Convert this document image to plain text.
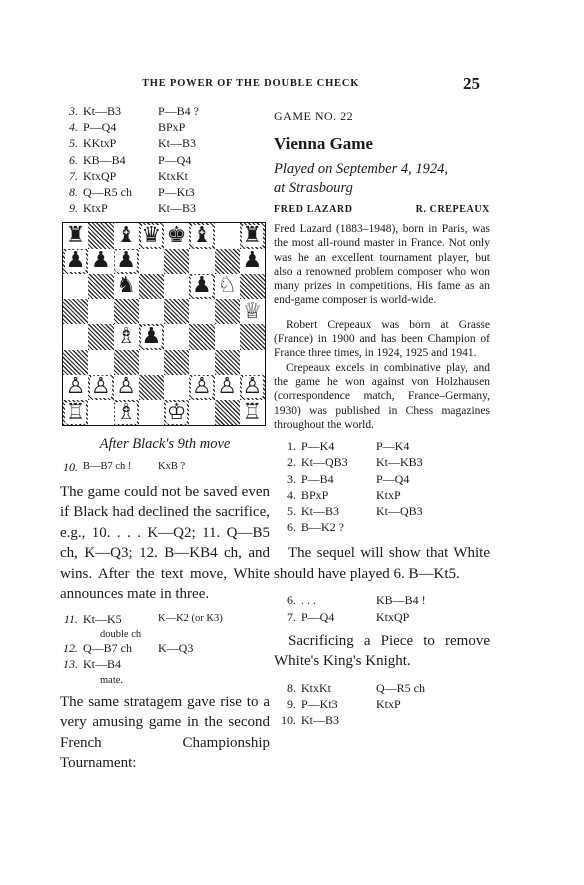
THE POWER OF THE DOUBLE CHECK	25
3. Kt—B3	P—B4 ?
4. P—Q4	BPxP
5. KKtxP	Kt—B3
6. KB—B4	P—Q4
7. KtxQP	KtxKt
8. Q—R5 ch P—Kt3
9. KtxP	Kt—B3
♜ ♝ ♛ ♚ ♝ ♜
♟ ♟ ♟	♟
♞	♟ ♘
♕
♗ ♟
♙ ♙ ♙	♙ ♙ ♙
♖ ♗ ♔	♖
After Black's 9th move
10. B—B7 ch !	KxB ?

The game could not be saved even if Black had declined the sacrifice, e.g., 10. . . . K—Q2; 11. Q—B5 ch, K—Q3; 12. B—KB4 ch, and wins. After the text move, White announces mate in three.

11. Kt—K5	K—K2 (or K3)
double ch
12. Q—B7 ch K—Q3
13. Kt—B4
mate.

The same stratagem gave rise to a very amusing game in the second French Championship Tournament:

GAME NO. 22
Vienna Game
Played on September 4, 1924,
at Strasbourg
FRED LAZARD	R. CREPEAUX

Fred Lazard (1883–1948), born in Paris, was the most all-round master in France. Not only was he an excellent tournament player, but also a renowned problem composer who won many prizes in competitions. His fame as an end-game composer is world-wide.

Robert Crepeaux was born at Grasse (France) in 1900 and has been Champion of France three times, in 1924, 1925 and 1941.

Crepeaux excels in combinative play, and the game he won against von Holzhausen (correspondence match, France–Germany, 1930) was published in Chess magazines throughout the world.

1. P—K4	P—K4
2. Kt—QB3 Kt—KB3
3. P—B4	P—Q4
4. BPxP	KtxP
5. Kt—B3	Kt—QB3
6. B—K2 ?

The sequel will show that White should have played 6. B—Kt5.

6. . . .	KB—B4 !
7. P—Q4	KtxQP

Sacrificing a Piece to remove White's King's Knight.

8. KtxKt	Q—R5 ch
9. P—Kt3	KtxP
10. Kt—B3
